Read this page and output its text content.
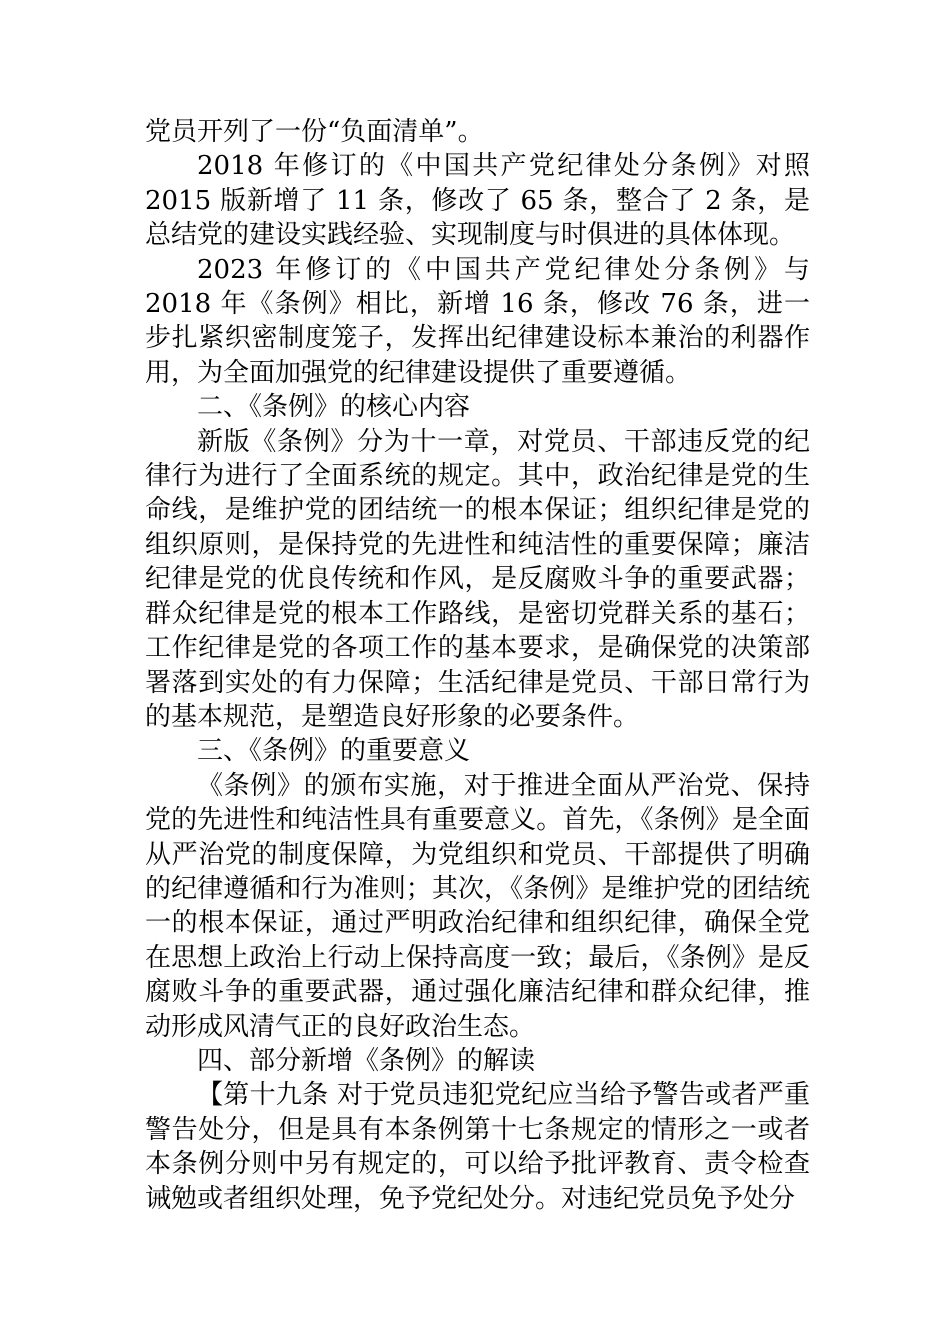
党员开列了一份“负面清单”。

2018 年修订的《中国共产党纪律处分条例》对照 2015 版新增了 11 条，修改了 65 条，整合了 2 条，是总结党的建设实践经验、实现制度与时俱进的具体体现。

2023 年修订的《中国共产党纪律处分条例》与 2018 年《条例》相比，新增 16 条，修改 76 条，进一步扎紧织密制度笼子，发挥出纪律建设标本兼治的利器作用，为全面加强党的纪律建设提供了重要遵循。

二、《条例》的核心内容

新版《条例》分为十一章，对党员、干部违反党的纪律行为进行了全面系统的规定。其中，政治纪律是党的生命线，是维护党的团结统一的根本保证；组织纪律是党的组织原则，是保持党的先进性和纯洁性的重要保障；廉洁纪律是党的优良传统和作风，是反腐败斗争的重要武器；群众纪律是党的根本工作路线，是密切党群关系的基石；工作纪律是党的各项工作的基本要求，是确保党的决策部署落到实处的有力保障；生活纪律是党员、干部日常行为的基本规范，是塑造良好形象的必要条件。

三、《条例》的重要意义

《条例》的颁布实施，对于推进全面从严治党、保持党的先进性和纯洁性具有重要意义。首先，《条例》是全面从严治党的制度保障，为党组织和党员、干部提供了明确的纪律遵循和行为准则；其次，《条例》是维护党的团结统一的根本保证，通过严明政治纪律和组织纪律，确保全党在思想上政治上行动上保持高度一致；最后，《条例》是反腐败斗争的重要武器，通过强化廉洁纪律和群众纪律，推动形成风清气正的良好政治生态。

四、部分新增《条例》的解读

【第十九条 对于党员违犯党纪应当给予警告或者严重警告处分，但是具有本条例第十七条规定的情形之一或者本条例分则中另有规定的，可以给予批评教育、责令检查诫勉或者组织处理，免予党纪处分。对违纪党员免予处分
